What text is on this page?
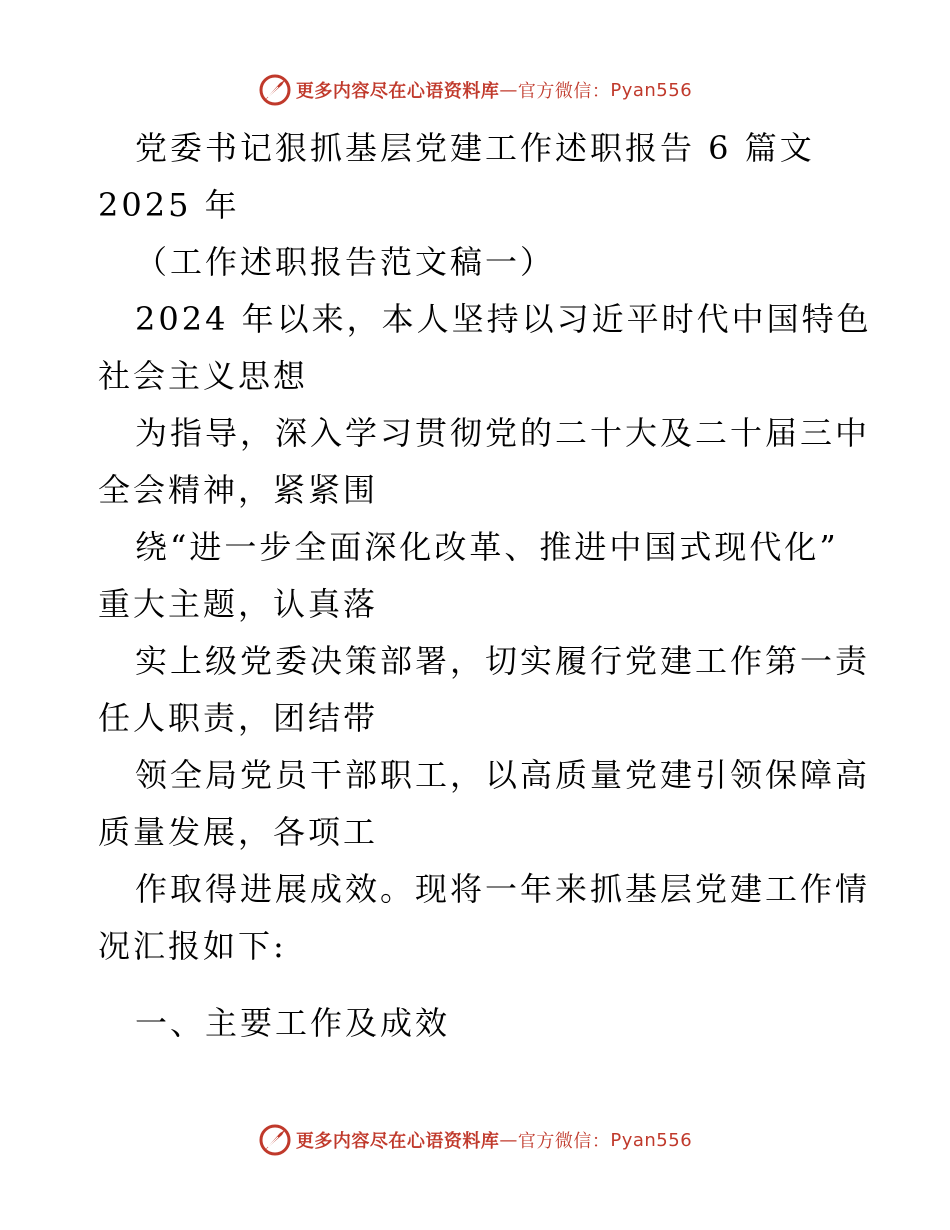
更多内容尽在心语资料库 — 官方微信： Pyan556
党委书记狠抓基层党建工作述职报告 6 篇文
2025 年
（工作述职报告范文稿一）
2024 年以来，本人坚持以习近平时代中国特色
社会主义思想
为指导，深入学习贯彻党的二十大及二十届三中
全会精神，紧紧围
绕“进一步全面深化改革、推进中国式现代化”
重大主题，认真落
实上级党委决策部署，切实履行党建工作第一责
任人职责，团结带
领全局党员干部职工，以高质量党建引领保障高
质量发展，各项工
作取得进展成效。现将一年来抓基层党建工作情
况汇报如下:
一、主要工作及成效
更多内容尽在心语资料库 — 官方微信： Pyan556
